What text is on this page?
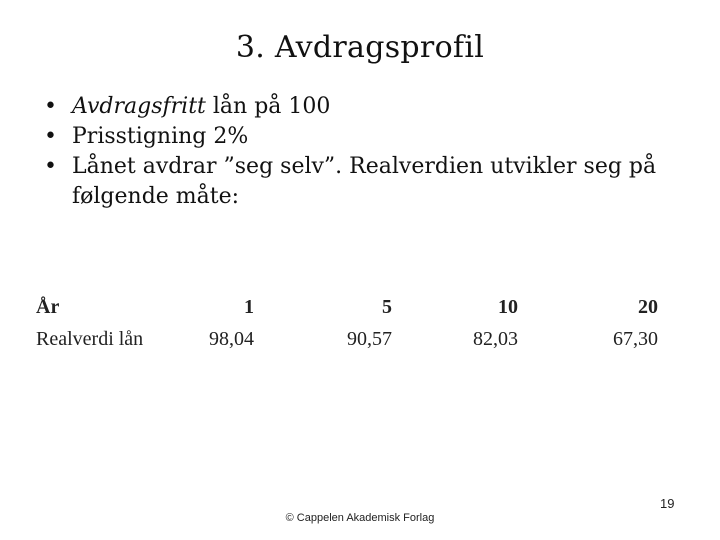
3. Avdragsprofil
• Avdragsfritt lån på 100
• Prisstigning 2%
• Lånet avdrar ”seg selv”. Realverdien utvikler seg på følgende måte:
År	1	5	10	20
Realverdi lån	98,04	90,57	82,03	67,30
© Cappelen Akademisk Forlag
19
